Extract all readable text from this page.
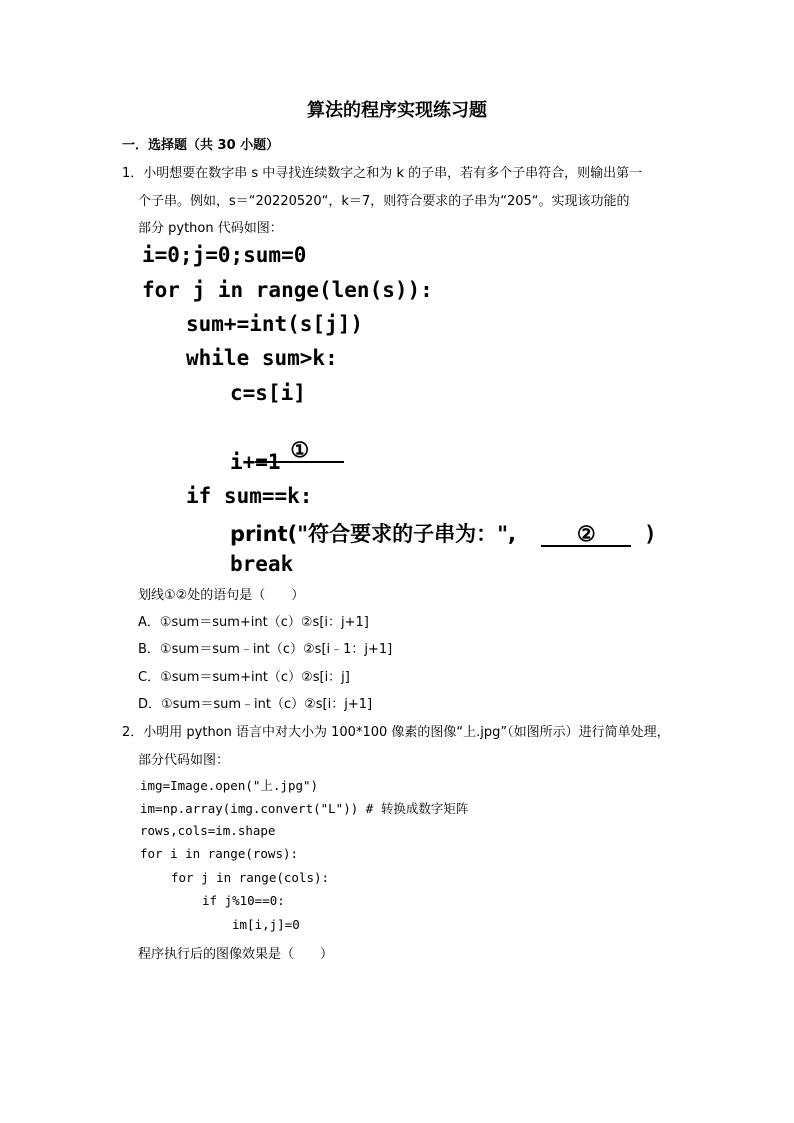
算法的程序实现练习题
一．选择题（共 30 小题）
1．小明想要在数字串 s 中寻找连续数字之和为 k 的子串，若有多个子串符合，则输出第一
个子串。例如，s＝“20220520“，k＝7，则符合要求的子串为“205“。实现该功能的
部分 python 代码如图：
i=0;j=0;sum=0
for j in range(len(s)):
sum+=int(s[j])
while sum>k:
c=s[i]

①

i+=1
if sum==k:
print("符合要求的子串为：",	② )
break
划线①②处的语句是（　　）
A．①sum＝sum+int（c）②s[i：j+1]
B．①sum＝sum﹣int（c）②s[i﹣1：j+1]
C．①sum＝sum+int（c）②s[i：j]
D．①sum＝sum﹣int（c）②s[i：j+1]
2．小明用 python 语言中对大小为 100*100 像素的图像“上.jpg”（如图所示）进行简单处理，
部分代码如图：
img=Image.open("上.jpg")
im=np.array(img.convert("L")) # 转换成数字矩阵
rows,cols=im.shape
for i in range(rows):
for j in range(cols):
if j%10==0:
im[i,j]=0
程序执行后的图像效果是（　　）
